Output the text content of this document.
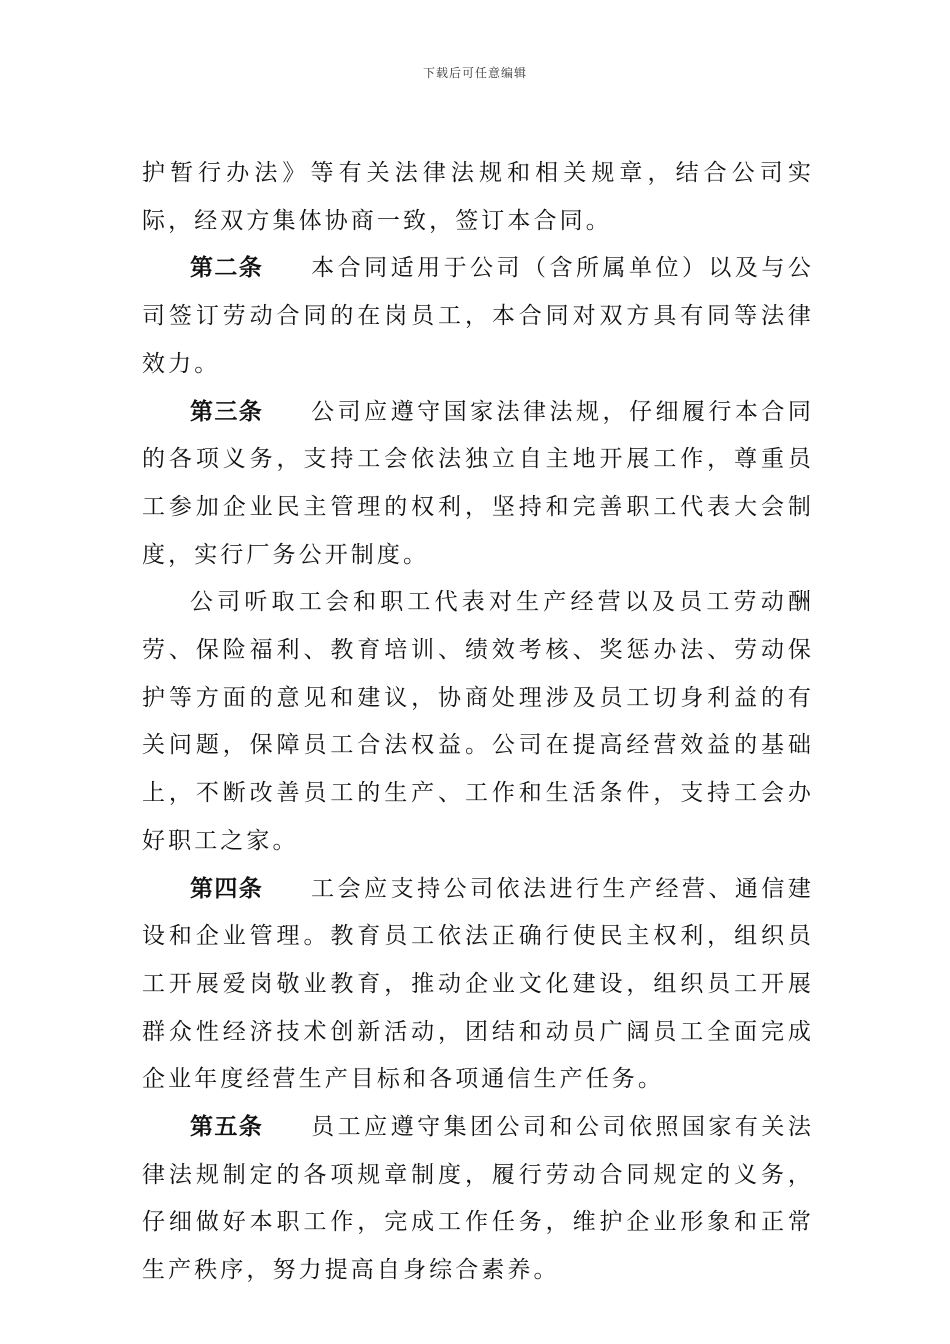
下载后可任意编辑

护暂行办法》等有关法律法规和相关规章，结合公司实际，经双方集体协商一致，签订本合同。

第二条 本合同适用于公司（含所属单位）以及与公司签订劳动合同的在岗员工，本合同对双方具有同等法律效力。

第三条 公司应遵守国家法律法规，仔细履行本合同的各项义务，支持工会依法独立自主地开展工作，尊重员工参加企业民主管理的权利，坚持和完善职工代表大会制度，实行厂务公开制度。

公司听取工会和职工代表对生产经营以及员工劳动酬劳、保险福利、教育培训、绩效考核、奖惩办法、劳动保护等方面的意见和建议，协商处理涉及员工切身利益的有关问题，保障员工合法权益。公司在提高经营效益的基础上，不断改善员工的生产、工作和生活条件，支持工会办好职工之家。

第四条 工会应支持公司依法进行生产经营、通信建设和企业管理。教育员工依法正确行使民主权利，组织员工开展爱岗敬业教育，推动企业文化建设，组织员工开展群众性经济技术创新活动，团结和动员广阔员工全面完成企业年度经营生产目标和各项通信生产任务。

第五条 员工应遵守集团公司和公司依照国家有关法律法规制定的各项规章制度，履行劳动合同规定的义务，仔细做好本职工作，完成工作任务，维护企业形象和正常生产秩序，努力提高自身综合素养。
